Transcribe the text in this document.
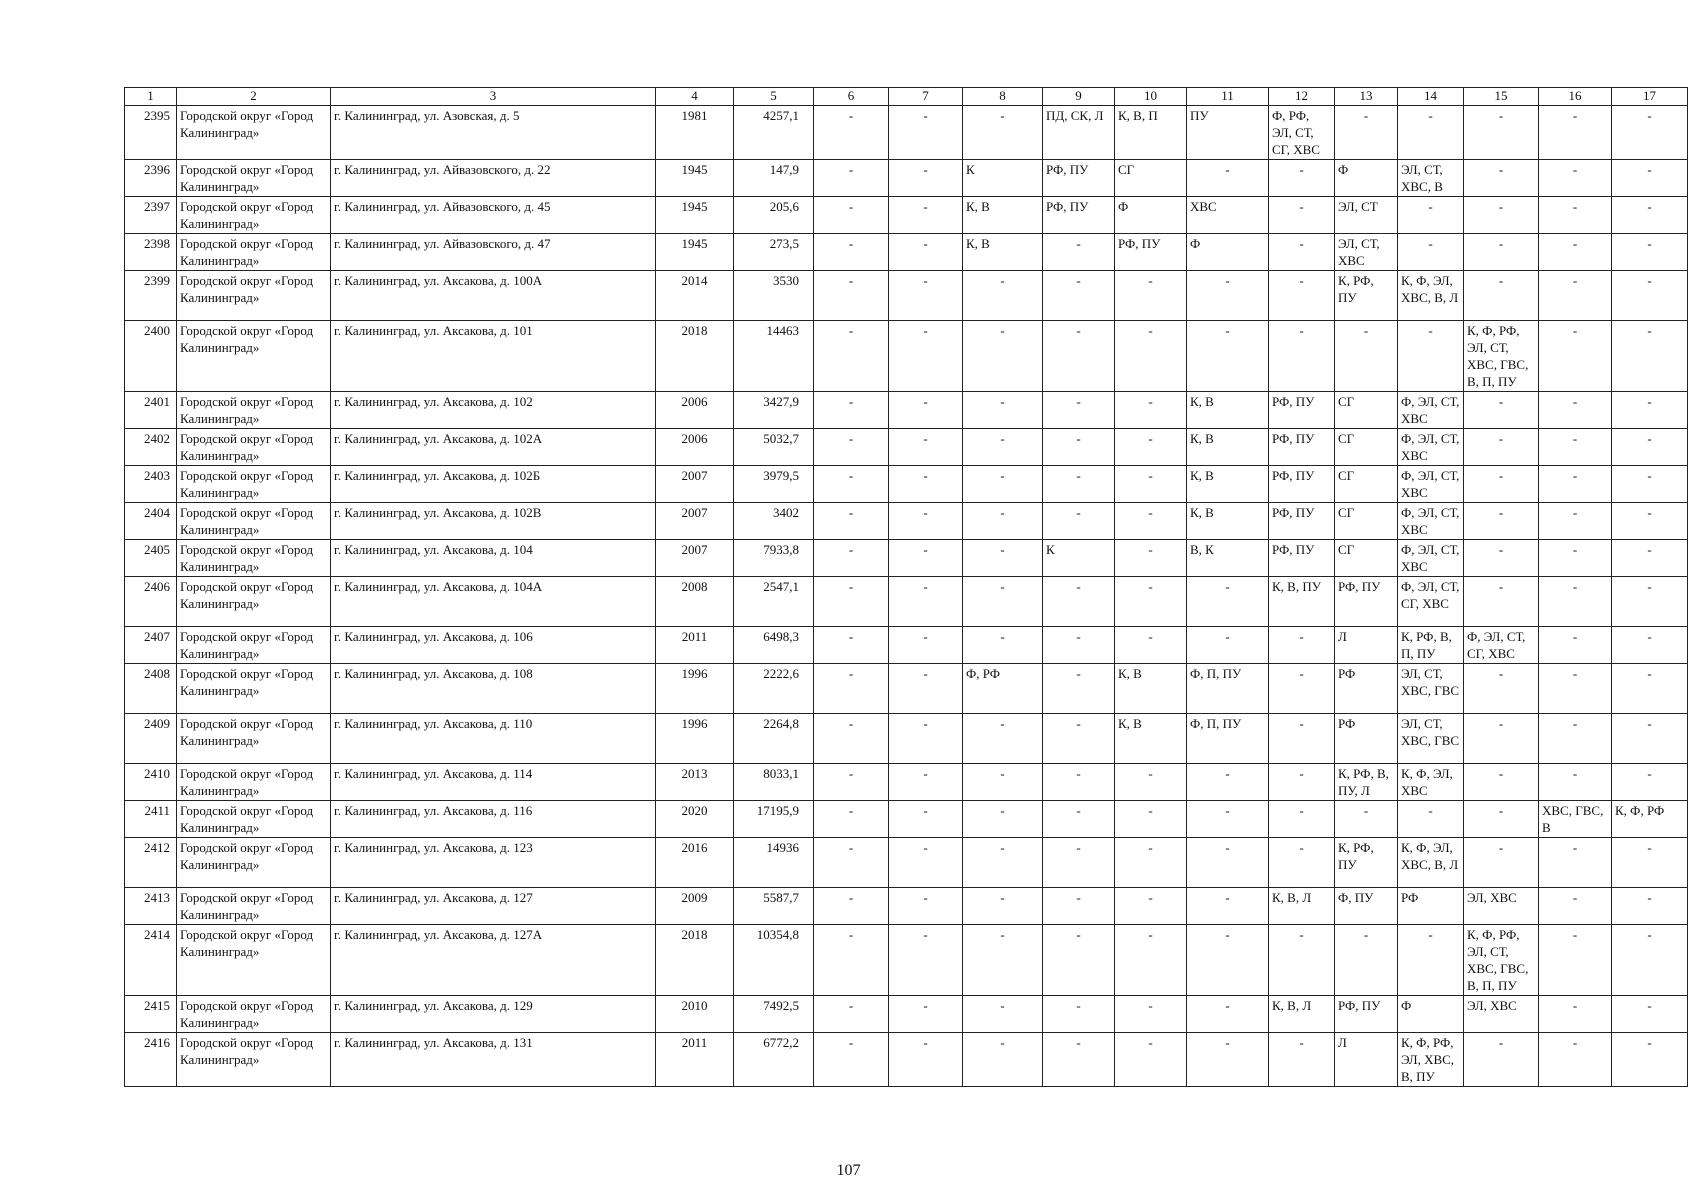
1	2	3	4	5	6	7	8	9	10	11	12	13	14	15	16	17
2395	Городской округ «Город Калининград»	г. Калининград, ул. Азовская, д. 5	1981	4257,1	-	-	-	ПД, СК, Л	К, В, П	ПУ	Ф, РФ, ЭЛ, СТ, СГ, ХВС	-	-	-	-	-
2396	Городской округ «Город Калининград»	г. Калининград, ул. Айвазовского, д. 22	1945	147,9	-	-	К	РФ, ПУ	СГ	-	-	Ф	ЭЛ, СТ, ХВС, В	-	-	-
2397	Городской округ «Город Калининград»	г. Калининград, ул. Айвазовского, д. 45	1945	205,6	-	-	К, В	РФ, ПУ	Ф	ХВС	-	ЭЛ, СТ	-	-	-	-
2398	Городской округ «Город Калининград»	г. Калининград, ул. Айвазовского, д. 47	1945	273,5	-	-	К, В	-	РФ, ПУ	Ф	-	ЭЛ, СТ, ХВС	-	-	-	-
2399	Городской округ «Город Калининград»	г. Калининград, ул. Аксакова, д. 100А	2014	3530	-	-	-	-	-	-	-	К, РФ, ПУ	К, Ф, ЭЛ, ХВС, В, Л	-	-	-
2400	Городской округ «Город Калининград»	г. Калининград, ул. Аксакова, д. 101	2018	14463	-	-	-	-	-	-	-	-	-	К, Ф, РФ, ЭЛ, СТ, ХВС, ГВС, В, П, ПУ	-	-
2401	Городской округ «Город Калининград»	г. Калининград, ул. Аксакова, д. 102	2006	3427,9	-	-	-	-	-	К, В	РФ, ПУ	СГ	Ф, ЭЛ, СТ, ХВС	-	-	-
2402	Городской округ «Город Калининград»	г. Калининград, ул. Аксакова, д. 102А	2006	5032,7	-	-	-	-	-	К, В	РФ, ПУ	СГ	Ф, ЭЛ, СТ, ХВС	-	-	-
2403	Городской округ «Город Калининград»	г. Калининград, ул. Аксакова, д. 102Б	2007	3979,5	-	-	-	-	-	К, В	РФ, ПУ	СГ	Ф, ЭЛ, СТ, ХВС	-	-	-
2404	Городской округ «Город Калининград»	г. Калининград, ул. Аксакова, д. 102В	2007	3402	-	-	-	-	-	К, В	РФ, ПУ	СГ	Ф, ЭЛ, СТ, ХВС	-	-	-
2405	Городской округ «Город Калининград»	г. Калининград, ул. Аксакова, д. 104	2007	7933,8	-	-	-	К	-	В, К	РФ, ПУ	СГ	Ф, ЭЛ, СТ, ХВС	-	-	-
2406	Городской округ «Город Калининград»	г. Калининград, ул. Аксакова, д. 104А	2008	2547,1	-	-	-	-	-	-	К, В, ПУ	РФ, ПУ	Ф, ЭЛ, СТ, СГ, ХВС	-	-	-
2407	Городской округ «Город Калининград»	г. Калининград, ул. Аксакова, д. 106	2011	6498,3	-	-	-	-	-	-	-	Л	К, РФ, В, П, ПУ	Ф, ЭЛ, СТ, СГ, ХВС	-	-
2408	Городской округ «Город Калининград»	г. Калининград, ул. Аксакова, д. 108	1996	2222,6	-	-	Ф, РФ	-	К, В	Ф, П, ПУ	-	РФ	ЭЛ, СТ, ХВС, ГВС	-	-	-
2409	Городской округ «Город Калининград»	г. Калининград, ул. Аксакова, д. 110	1996	2264,8	-	-	-	-	К, В	Ф, П, ПУ	-	РФ	ЭЛ, СТ, ХВС, ГВС	-	-	-
2410	Городской округ «Город Калининград»	г. Калининград, ул. Аксакова, д. 114	2013	8033,1	-	-	-	-	-	-	-	К, РФ, В, ПУ, Л	К, Ф, ЭЛ, ХВС	-	-	-
2411	Городской округ «Город Калининград»	г. Калининград, ул. Аксакова, д. 116	2020	17195,9	-	-	-	-	-	-	-	-	-	-	ХВС, ГВС, В	К, Ф, РФ
2412	Городской округ «Город Калининград»	г. Калининград, ул. Аксакова, д. 123	2016	14936	-	-	-	-	-	-	-	К, РФ, ПУ	К, Ф, ЭЛ, ХВС, В, Л	-	-	-
2413	Городской округ «Город Калининград»	г. Калининград, ул. Аксакова, д. 127	2009	5587,7	-	-	-	-	-	-	К, В, Л	Ф, ПУ	РФ	ЭЛ, ХВС	-	-
2414	Городской округ «Город Калининград»	г. Калининград, ул. Аксакова, д. 127А	2018	10354,8	-	-	-	-	-	-	-	-	-	К, Ф, РФ, ЭЛ, СТ, ХВС, ГВС, В, П, ПУ	-	-
2415	Городской округ «Город Калининград»	г. Калининград, ул. Аксакова, д. 129	2010	7492,5	-	-	-	-	-	-	К, В, Л	РФ, ПУ	Ф	ЭЛ, ХВС	-	-
2416	Городской округ «Город Калининград»	г. Калининград, ул. Аксакова, д. 131	2011	6772,2	-	-	-	-	-	-	-	Л	К, Ф, РФ, ЭЛ, ХВС, В, ПУ	-	-	-
107
